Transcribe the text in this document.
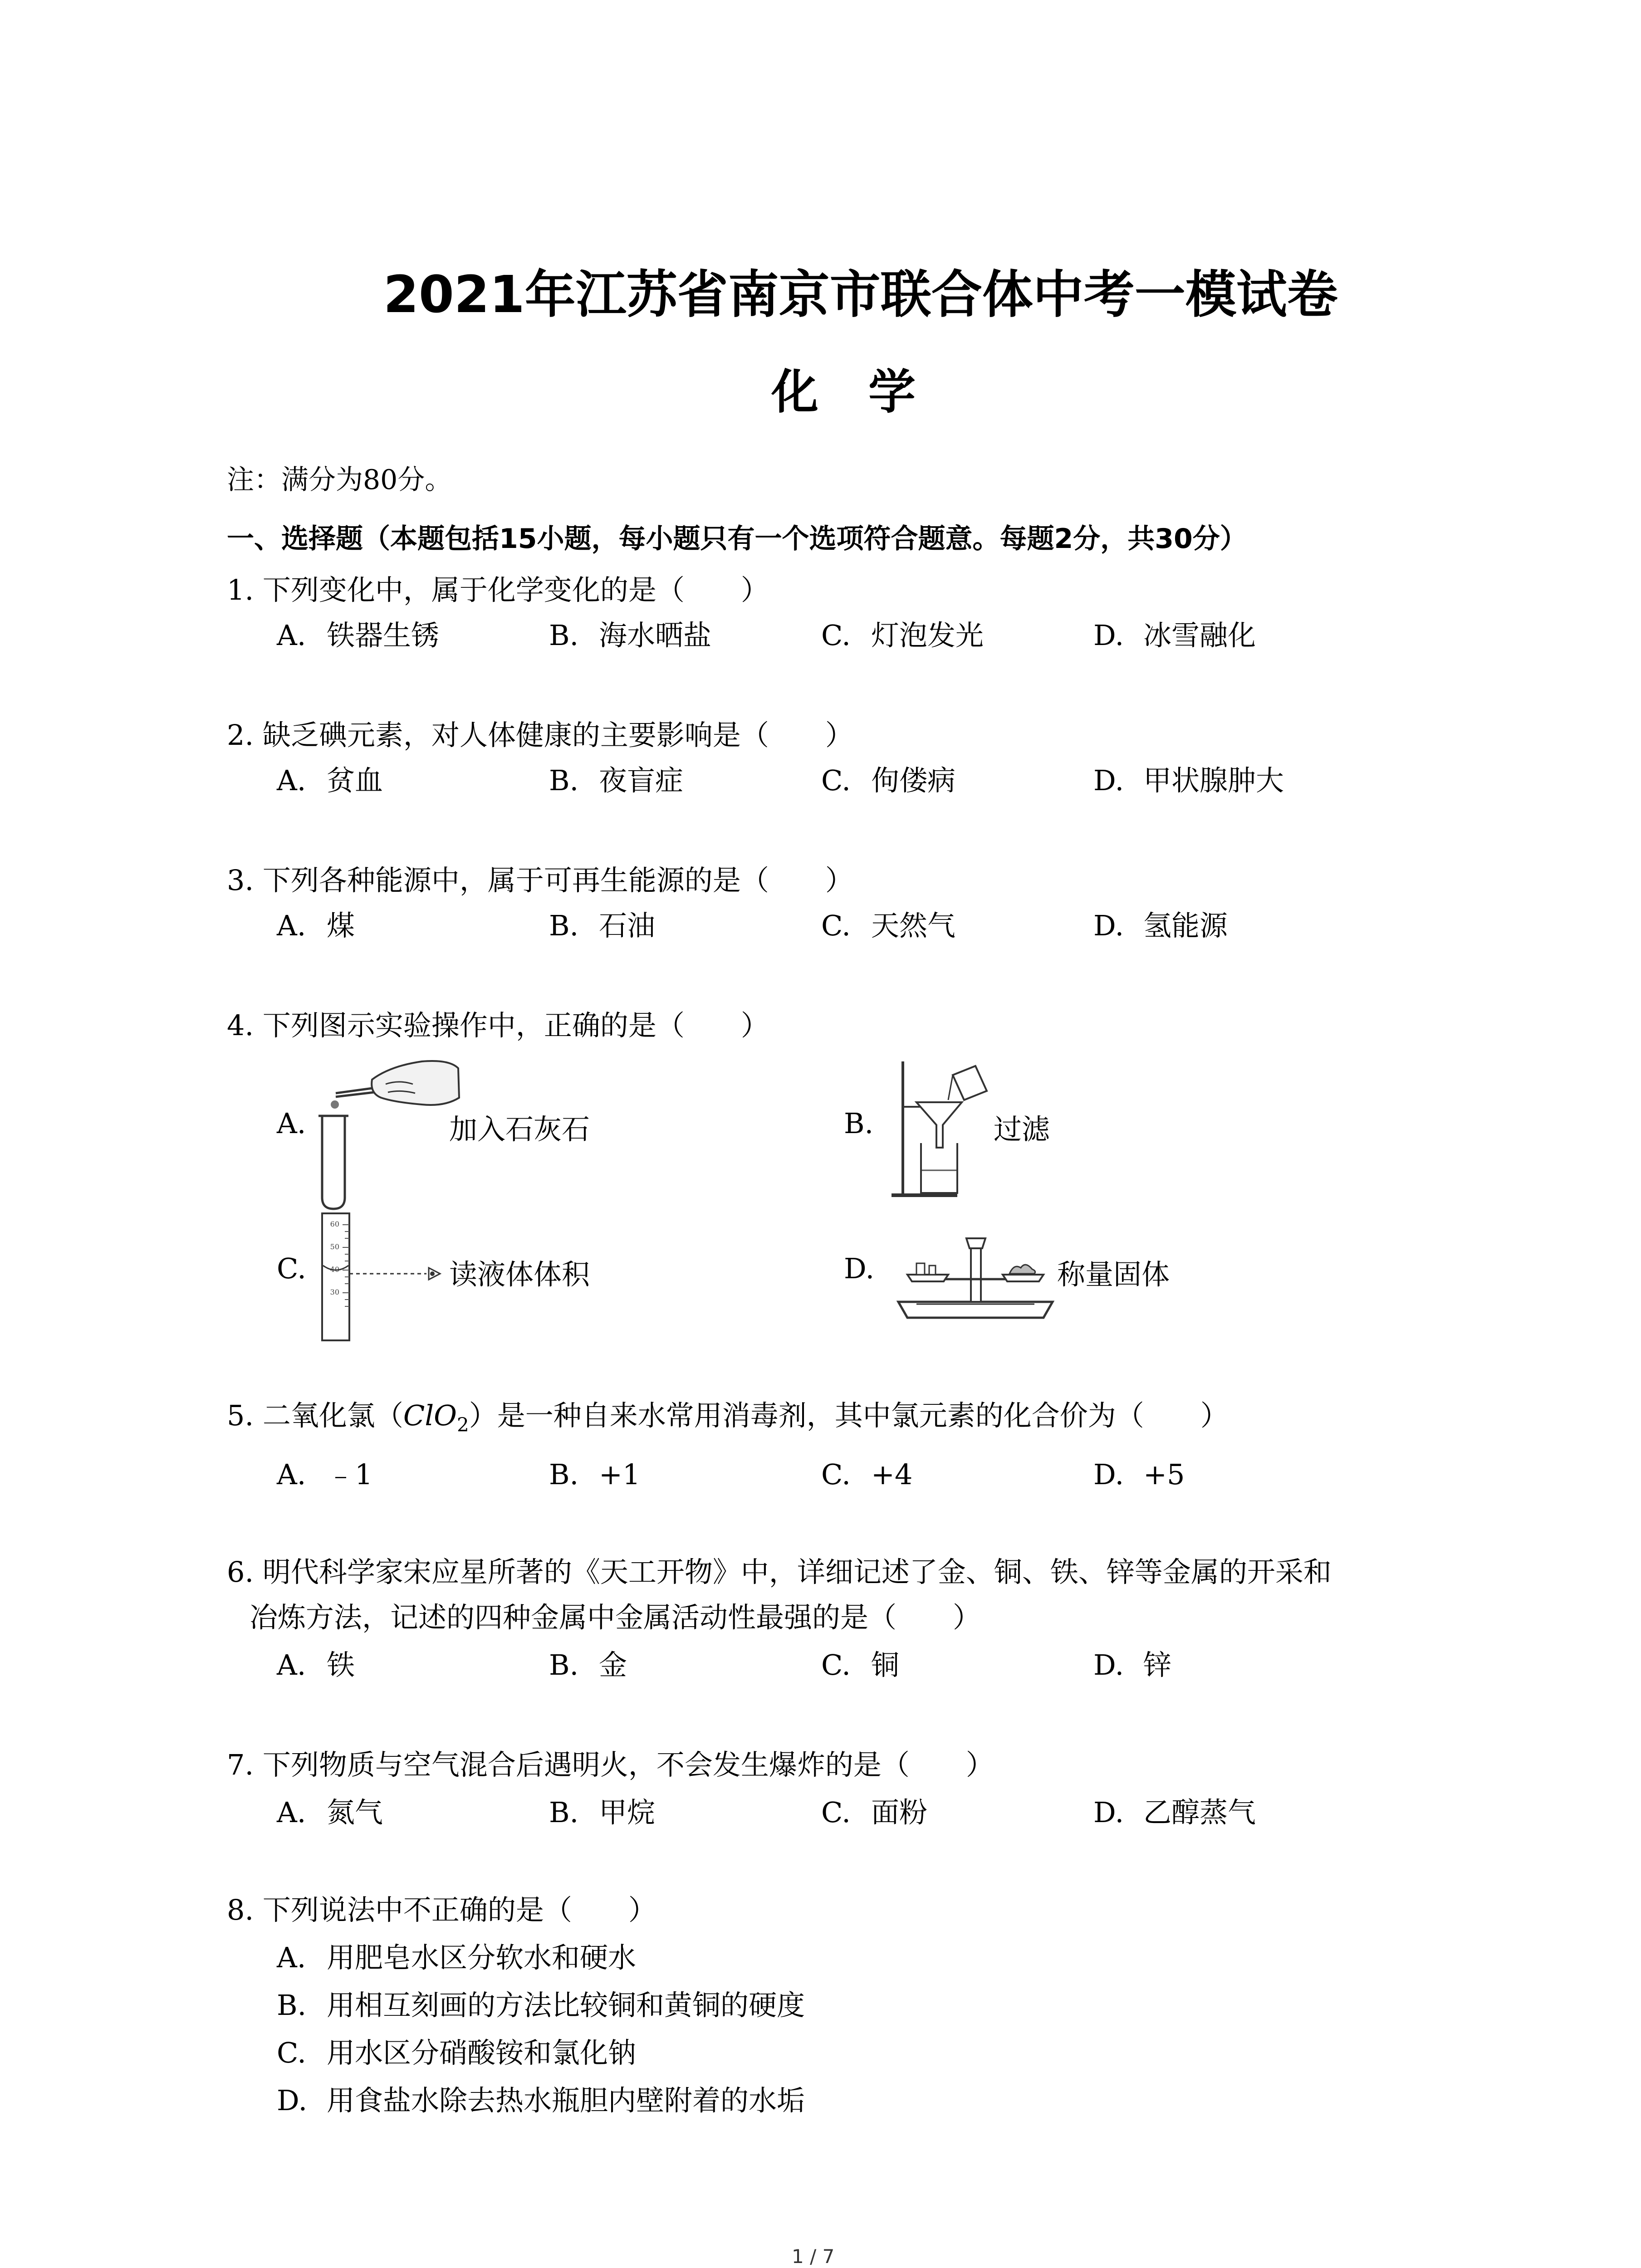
2021年江苏省南京市联合体中考一模试卷
化学
注：满分为80分。
一、选择题（本题包括15小题，每小题只有一个选项符合题意。每题2分，共30分）
1. 下列变化中，属于化学变化的是（　　）
A. 铁器生锈	B. 海水晒盐	C. 灯泡发光	D. 冰雪融化
2. 缺乏碘元素，对人体健康的主要影响是（　　）
A. 贫血	B. 夜盲症	C. 佝偻病	D. 甲状腺肿大
3. 下列各种能源中，属于可再生能源的是（　　）
A. 煤	B. 石油	C. 天然气	D. 氢能源
4. 下列图示实验操作中，正确的是（　　）
A.	加入石灰石	B.	过滤
C.
60
50
40
30
读液体体积	D.	称量固体
5. 二氧化氯（ClO$_2$）是一种自来水常用消毒剂，其中氯元素的化合价为（　　）
A. ﹣1	B. +1	C. +4	D. +5
6. 明代科学家宋应星所著的《天工开物》中，详细记述了金、铜、铁、锌等金属的开采和
冶炼方法，记述的四种金属中金属活动性最强的是（　　）
A. 铁	B. 金	C. 铜	D. 锌
7. 下列物质与空气混合后遇明火，不会发生爆炸的是（　　）
A. 氮气	B. 甲烷	C. 面粉	D. 乙醇蒸气
8. 下列说法中不正确的是（　　）
A. 用肥皂水区分软水和硬水
B. 用相互刻画的方法比较铜和黄铜的硬度
C. 用水区分硝酸铵和氯化钠
D. 用食盐水除去热水瓶胆内壁附着的水垢
1 / 7
